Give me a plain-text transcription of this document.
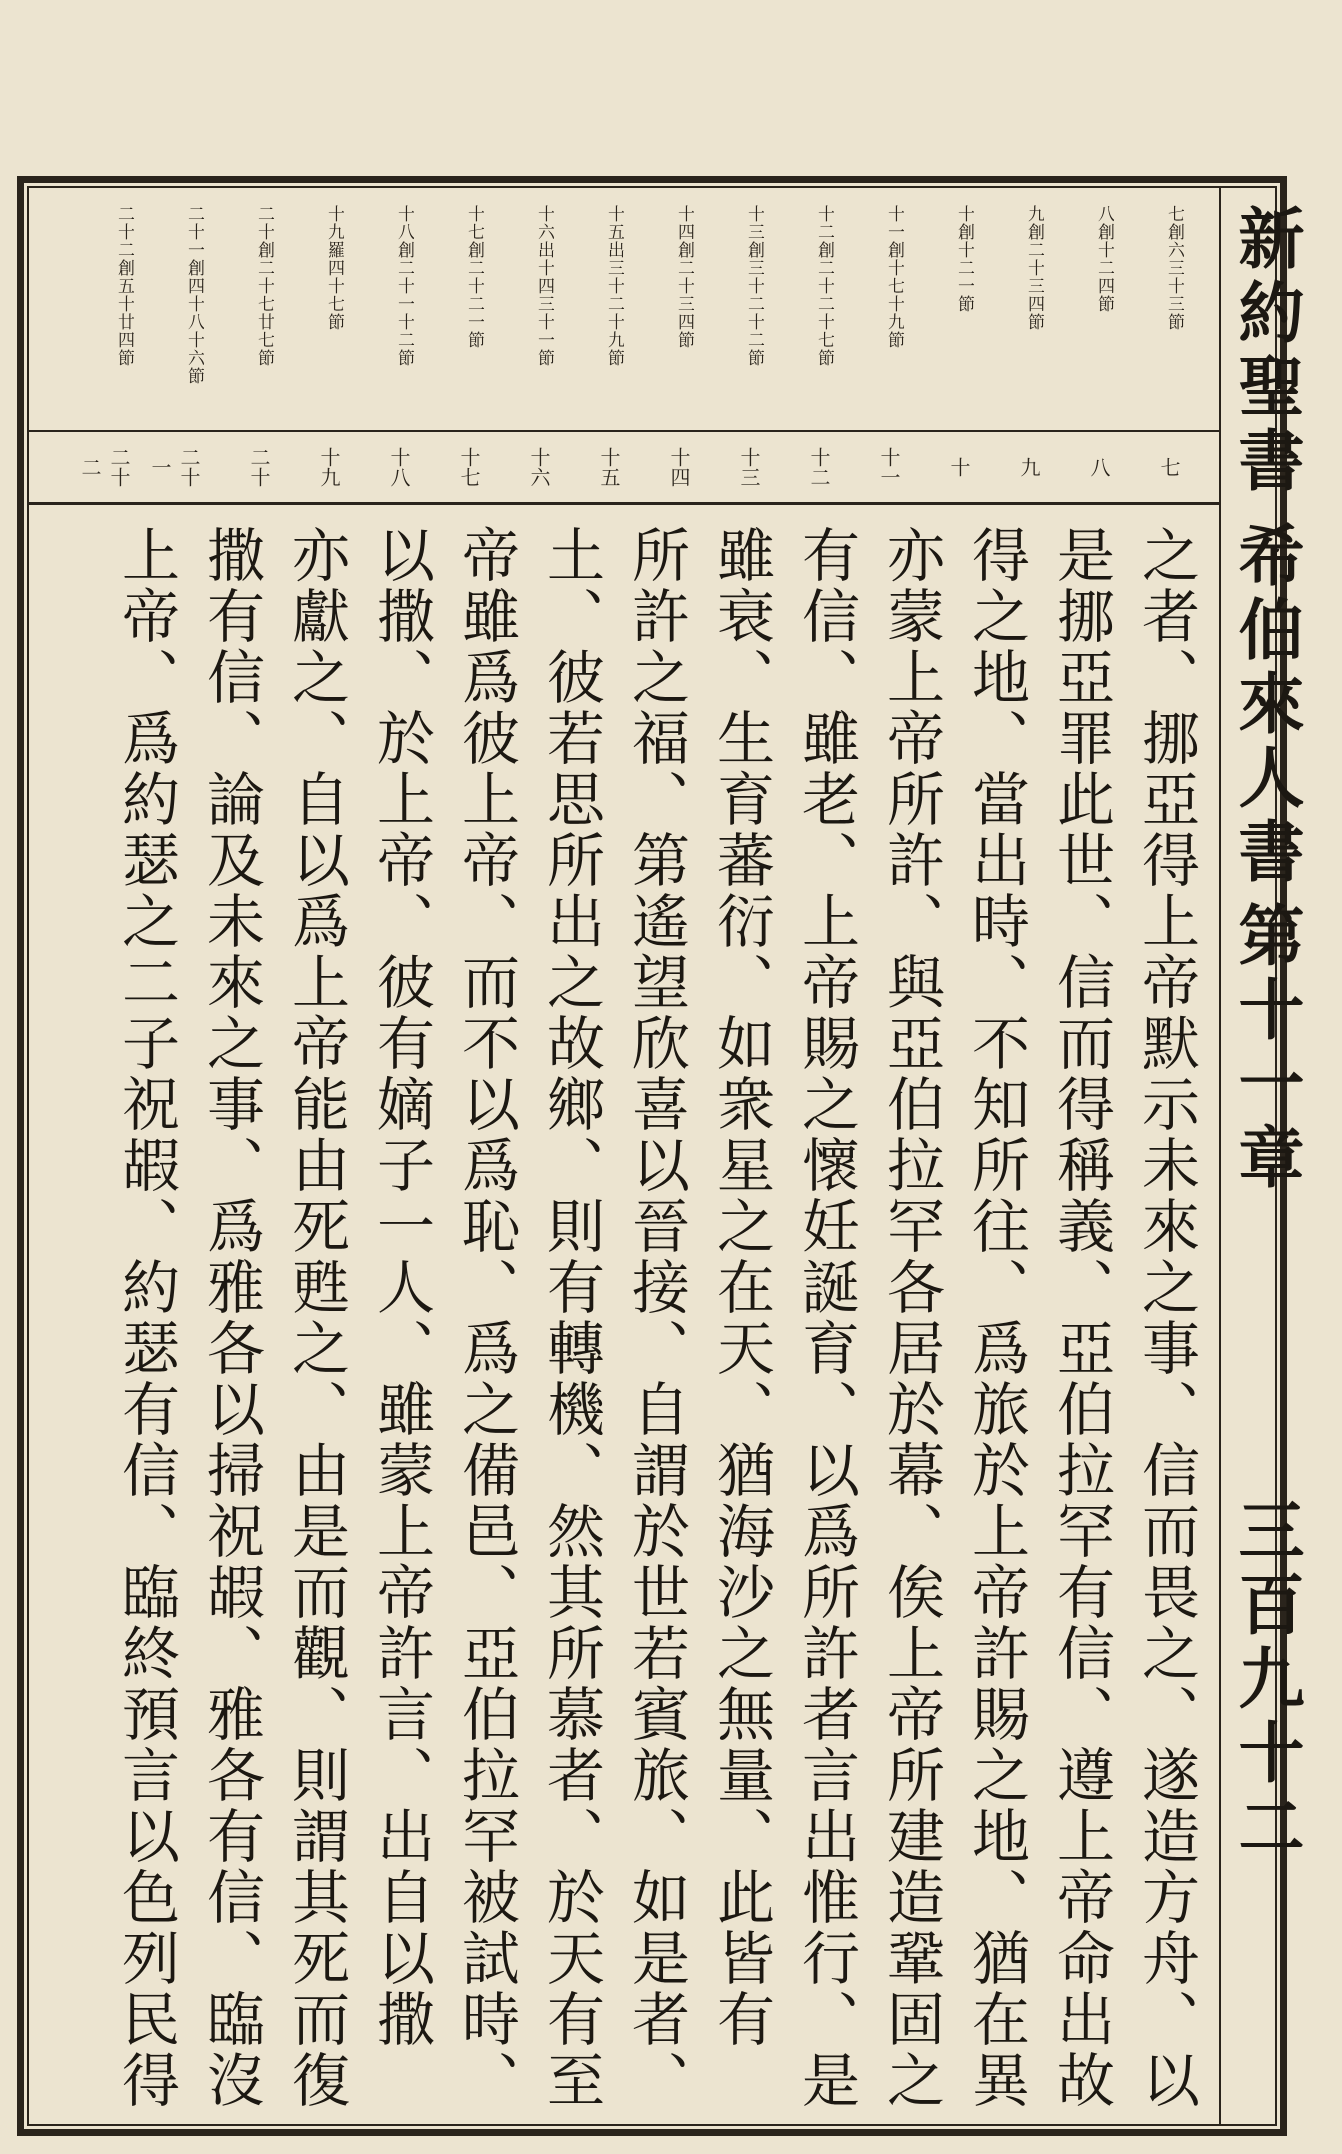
新約聖書
希伯來人書
第十一章
三百九十二
七創六三十三節
八創十二四節
九創二十三四節
十創十二一節
十一創十七十九節
十二創二十二十七節
十三創三十二十二節
十四創二十三四節
十五出三十二十九節
十六出十四三十一節
十七創二十二一節
十八創二十一十二節
十九羅四十七節
二十創二十七廿七節
二十一創四十八十六節
二十二創五十廿四節
七
八
九
十
十一
十二
十三
十四
十五
十六
十七
十八
十九
二十
二十一
二十二
之者、挪亞得上帝默示未來之事、信而畏之、遂造方舟、以
是挪亞罪此世、信而得稱義、亞伯拉罕有信、遵上帝命出故
得之地、當出時、不知所往、爲旅於上帝許賜之地、猶在異
亦蒙上帝所許、與亞伯拉罕各居於幕、俟上帝所建造鞏固之
有信、雖老、上帝賜之懷妊誕育、以爲所許者言出惟行、是
雖衰、生育蕃衍、如衆星之在天、猶海沙之無量、此皆有
所許之福、第遙望欣喜以晉接、自謂於世若賓旅、如是者、
土、彼若思所出之故鄉、則有轉機、然其所慕者、於天有至
帝雖爲彼上帝、而不以爲恥、爲之備邑、亞伯拉罕被試時、
以撒、於上帝、彼有嫡子一人、雖蒙上帝許言、出自以撒
亦獻之、自以爲上帝能由死甦之、由是而觀、則謂其死而復
撒有信、論及未來之事、爲雅各以掃祝嘏、雅各有信、臨沒
上帝、爲約瑟之二子祝嘏、約瑟有信、臨終預言以色列民得
